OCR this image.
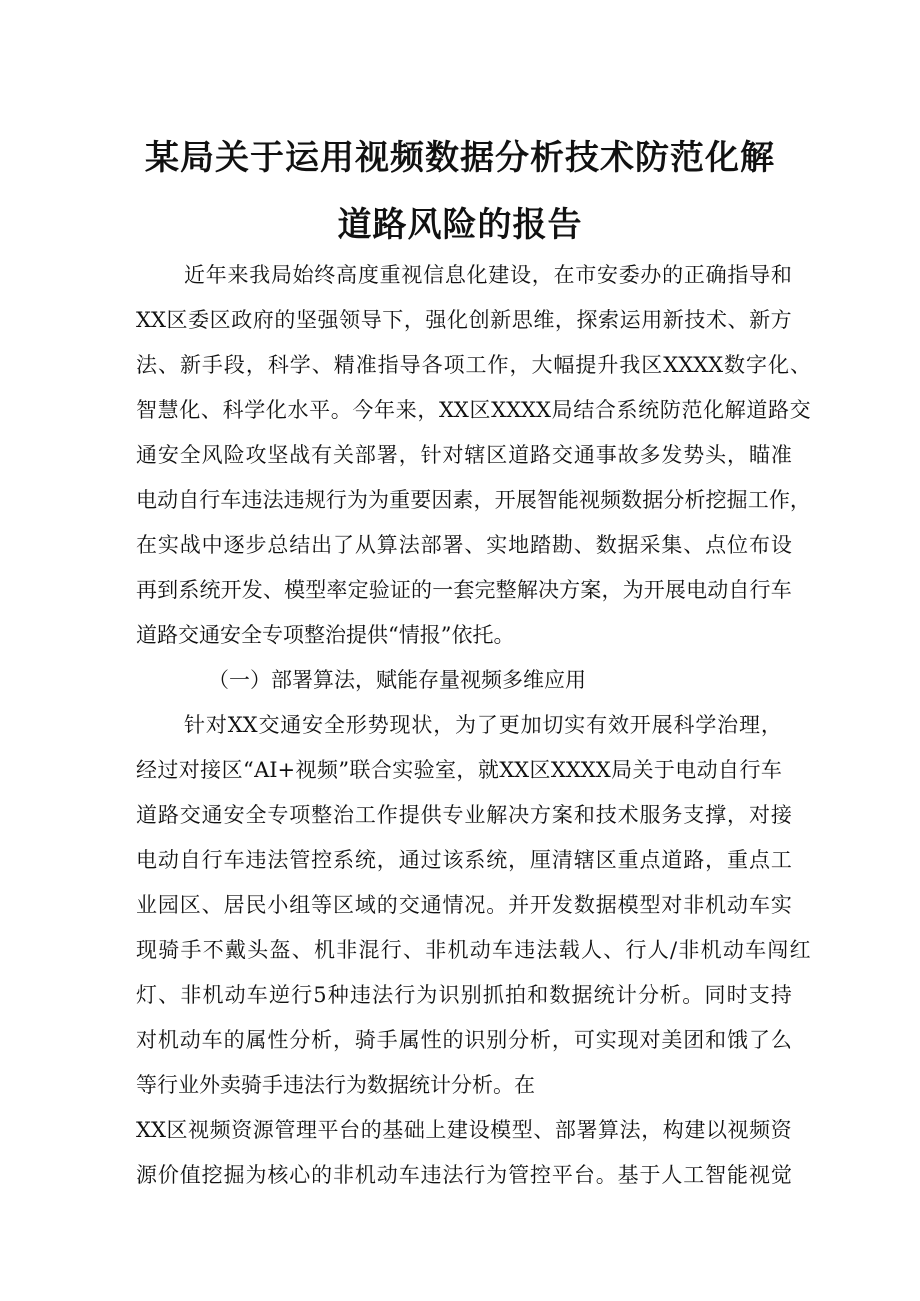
某局关于运用视频数据分析技术防范化解
道路风险的报告
近 年 来 我 局 始 终 高 度 重 视 信 息 化 建 设 ， 在 市 安 委 办 的 正 确 指 导 和
XX 区 委 区 政 府 的 坚 强 领 导 下 ， 强 化 创 新 思 维 ， 探 索 运 用 新 技 术 、 新 方
法 、 新 手 段 ， 科 学 、 精 准 指 导 各 项 工 作 ， 大 幅 提 升 我 区 XXXX 数 字 化 、
智 慧 化 、 科 学 化 水 平 。 今 年 来 ， XX 区 XXXX 局 结 合 系 统 防 范 化 解 道 路 交
通 安 全 风 险 攻 坚 战 有 关 部 署 ， 针 对 辖 区 道 路 交 通 事 故 多 发 势 头 ， 瞄 准
电 动 自 行 车 违 法 违 规 行 为 为 重 要 因 素 ， 开 展 智 能 视 频 数 据 分 析 挖 掘 工 作 ，
在 实 战 中 逐 步 总 结 出 了 从 算 法 部 署 、 实 地 踏 勘 、 数 据 采 集 、 点 位 布 设
再 到 系 统 开 发 、 模 型 率 定 验 证 的 一 套 完 整 解 决 方 案 ， 为 开 展 电 动 自 行 车
道路交通安全专项整治提供“情报”依托。
（一）部署算法，赋能存量视频多维应用
针 对 XX 交 通 安 全 形 势 现 状 ， 为 了 更 加 切 实 有 效 开 展 科 学 治 理 ，
经 过 对 接 区 “ AI+ 视 频 ” 联 合 实 验 室 ， 就 XX 区 XXXX 局 关 于 电 动 自 行 车
道 路 交 通 安 全 专 项 整 治 工 作 提 供 专 业 解 决 方 案 和 技 术 服 务 支 撑 ， 对 接
电 动 自 行 车 违 法 管 控 系 统 ， 通 过 该 系 统 ， 厘 清 辖 区 重 点 道 路 ， 重 点 工
业 园 区 、 居 民 小 组 等 区 域 的 交 通 情 况 。 并 开 发 数 据 模 型 对 非 机 动 车 实
现 骑 手 不 戴 头 盔 、 机 非 混 行 、 非 机 动 车 违 法 载 人 、 行 人 / 非 机 动 车 闯 红
灯 、 非 机 动 车 逆 行 5 种 违 法 行 为 识 别 抓 拍 和 数 据 统 计 分 析 。 同 时 支 持
对 机 动 车 的 属 性 分 析 ， 骑 手 属 性 的 识 别 分 析 ， 可 实 现 对 美 团 和 饿 了 么
等行业外卖骑手违法行为数据统计分析。在
XX 区 视 频 资 源 管 理 平 台 的 基 础 上 建 设 模 型 、 部 署 算 法 ， 构 建 以 视 频 资
源 价 值 挖 掘 为 核 心 的 非 机 动 车 违 法 行 为 管 控 平 台 。 基 于 人 工 智 能 视 觉
